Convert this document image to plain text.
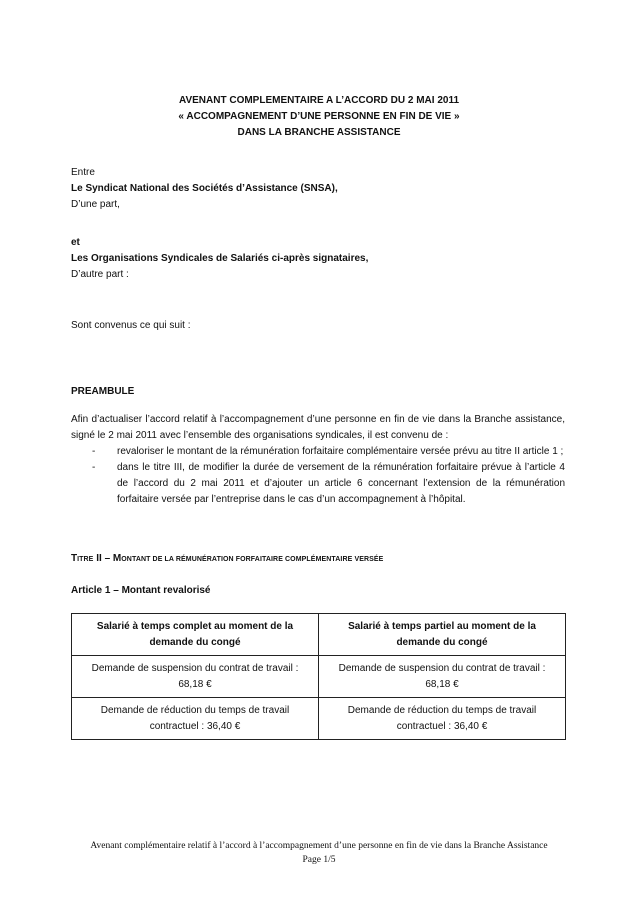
AVENANT COMPLEMENTAIRE A L’ACCORD DU 2 MAI 2011
« ACCOMPAGNEMENT D’UNE PERSONNE EN FIN DE VIE »
DANS LA BRANCHE ASSISTANCE
Entre
Le Syndicat National des Sociétés d’Assistance (SNSA),
D’une part,
et
Les Organisations Syndicales de Salariés ci-après signataires,
D’autre part :
Sont convenus ce qui suit :
PREAMBULE
Afin d’actualiser l’accord relatif à l’accompagnement d’une personne en fin de vie dans la Branche assistance, signé le 2 mai 2011 avec l’ensemble des organisations syndicales, il est convenu de :
- revaloriser le montant de la rémunération forfaitaire complémentaire versée prévu au titre II article 1 ;
- dans le titre III, de modifier la durée de versement de la rémunération forfaitaire prévue à l’article 4 de l’accord du 2 mai 2011 et d’ajouter un article 6 concernant l’extension de la rémunération forfaitaire versée par l’entreprise dans le cas d’un accompagnement à l’hôpital.
TITRE II – MONTANT DE LA RÉMUNÉRATION FORFAITAIRE COMPLÉMENTAIRE VERSÉE
Article 1 – Montant revalorisé
Salarié à temps complet au moment de la demande du congé	Salarié à temps partiel au moment de la demande du congé
Demande de suspension du contrat de travail : 68,18 €	Demande de suspension du contrat de travail : 68,18 €
Demande de réduction du temps de travail contractuel : 36,40 €	Demande de réduction du temps de travail contractuel : 36,40 €
Avenant complémentaire relatif à l’accord à l’accompagnement d’une personne en fin de vie dans la Branche Assistance
Page 1/5
